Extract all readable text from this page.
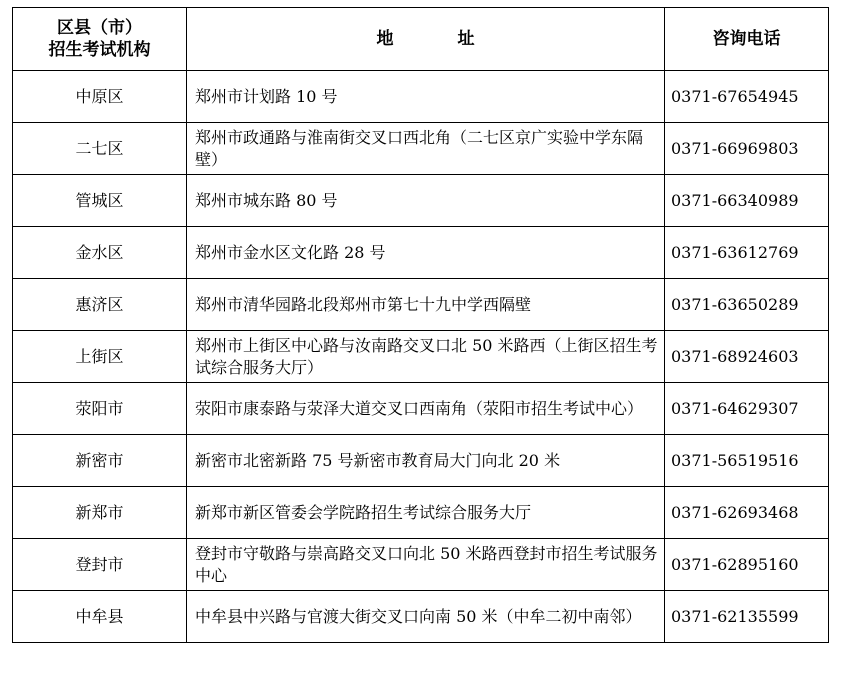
区县（市）
招生考试机构	地址	咨询电话
中原区	郑州市计划路 10 号	0371-67654945
二七区	郑州市政通路与淮南街交叉口西北角（二七区京广实验中学东隔壁）	0371-66969803
管城区	郑州市城东路 80 号	0371-66340989
金水区	郑州市金水区文化路 28 号	0371-63612769
惠济区	郑州市清华园路北段郑州市第七十九中学西隔壁	0371-63650289
上街区	郑州市上街区中心路与汝南路交叉口北 50 米路西（上街区招生考试综合服务大厅）	0371-68924603
荥阳市	荥阳市康泰路与荥泽大道交叉口西南角（荥阳市招生考试中心）	0371-64629307
新密市	新密市北密新路 75 号新密市教育局大门向北 20 米	0371-56519516
新郑市	新郑市新区管委会学院路招生考试综合服务大厅	0371-62693468
登封市	登封市守敬路与崇高路交叉口向北 50 米路西登封市招生考试服务中心	0371-62895160
中牟县	中牟县中兴路与官渡大街交叉口向南 50 米（中牟二初中南邻）	0371-62135599
